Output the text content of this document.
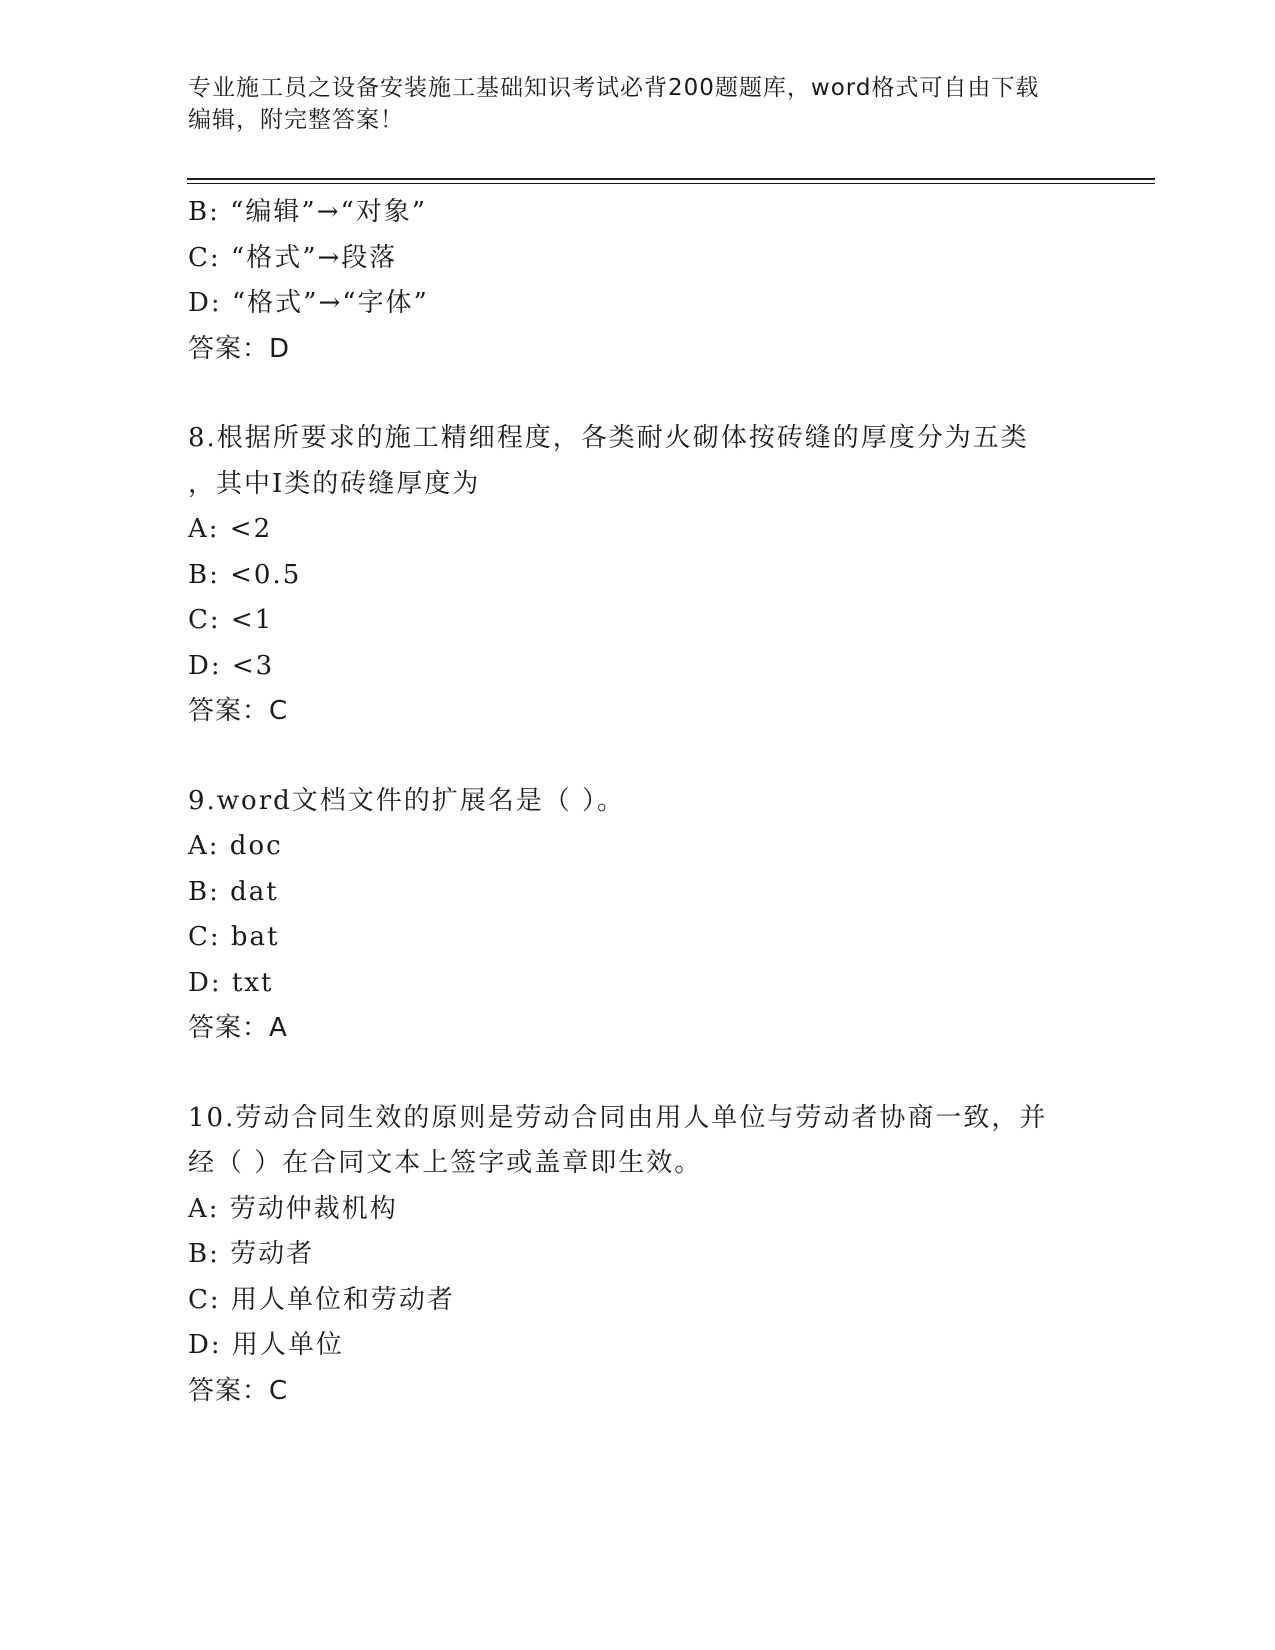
专业施工员之设备安装施工基础知识考试必背200题题库，word格式可自由下载
编辑，附完整答案！
B: “编辑”→“对象”
C: “格式”→段落
D: “格式”→“字体”
答案：D
8.根据所要求的施工精细程度，各类耐火砌体按砖缝的厚度分为五类
，其中I类的砖缝厚度为
A: <2
B: <0.5
C: <1
D: <3
答案：C
9.word文档文件的扩展名是（ ）。
A: doc
B: dat
C: bat
D: txt
答案：A
10.劳动合同生效的原则是劳动合同由用人单位与劳动者协商一致，并
经（ ）在合同文本上签字或盖章即生效。
A: 劳动仲裁机构
B: 劳动者
C: 用人单位和劳动者
D: 用人单位
答案：C
